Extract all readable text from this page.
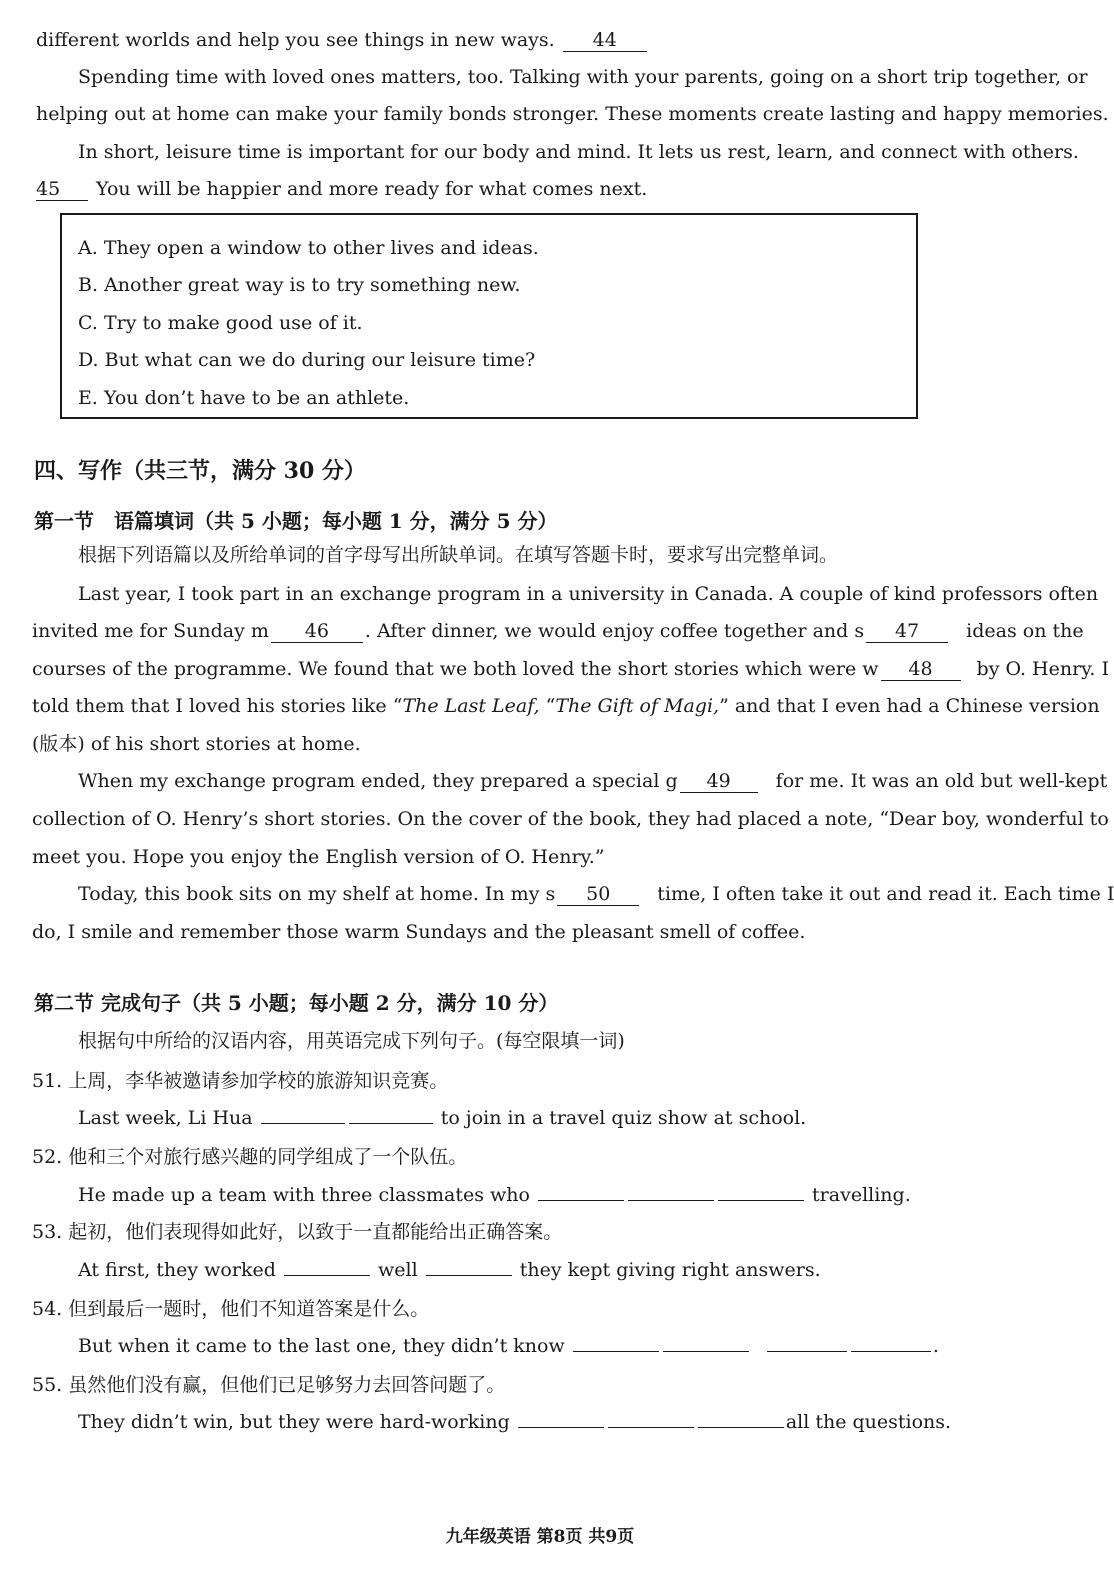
different worlds and help you see things in new ways. 44
Spending time with loved ones matters, too. Talking with your parents, going on a short trip together, or
helping out at home can make your family bonds stronger. These moments create lasting and happy memories.
In short, leisure time is important for our body and mind. It lets us rest, learn, and connect with others.
45 You will be happier and more ready for what comes next.
A. They open a window to other lives and ideas.
B. Another great way is to try something new.
C. Try to make good use of it.
D. But what can we do during our leisure time?
E. You don’t have to be an athlete.
四、写作（共三节，满分 30 分）
第一节　语篇填词（共 5 小题；每小题 1 分，满分 5 分）
根据下列语篇以及所给单词的首字母写出所缺单词。在填写答题卡时，要求写出完整单词。
Last year, I took part in an exchange program in a university in Canada. A couple of kind professors often
invited me for Sunday m 46 . After dinner, we would enjoy coffee together and s 47 ideas on the
courses of the programme. We found that we both loved the short stories which were w 48 by O. Henry. I
told them that I loved his stories like “The Last Leaf, “The Gift of Magi,” and that I even had a Chinese version
(版本) of his short stories at home.
When my exchange program ended, they prepared a special g 49 for me. It was an old but well-kept
collection of O. Henry’s short stories. On the cover of the book, they had placed a note, “Dear boy, wonderful to
meet you. Hope you enjoy the English version of O. Henry.”
Today, this book sits on my shelf at home. In my s 50 time, I often take it out and read it. Each time I
do, I smile and remember those warm Sundays and the pleasant smell of coffee.
第二节 完成句子（共 5 小题；每小题 2 分，满分 10 分）
根据句中所给的汉语内容，用英语完成下列句子。(每空限填一词)
51. 上周，李华被邀请参加学校的旅游知识竞赛。
Last week, Li Hua	to join in a travel quiz show at school.
52. 他和三个对旅行感兴趣的同学组成了一个队伍。
He made up a team with three classmates who	travelling.
53. 起初，他们表现得如此好，以致于一直都能给出正确答案。
At first, they worked	well	they kept giving right answers.
54. 但到最后一题时，他们不知道答案是什么。
But when it came to the last one, they didn’t know	.
55. 虽然他们没有赢，但他们已足够努力去回答问题了。
They didn’t win, but they were hard-working	all the questions.
九年级英语 第8页 共9页
